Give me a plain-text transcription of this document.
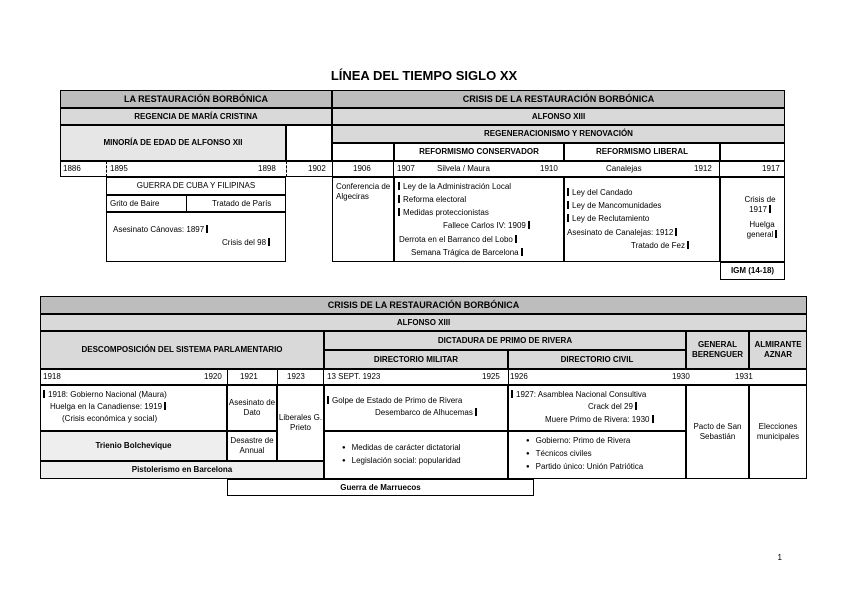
LÍNEA DEL TIEMPO SIGLO XX
LA RESTAURACIÓN BORBÓNICA	CRISIS DE LA RESTAURACIÓN BORBÓNICA
REGENCIA DE MARÍA CRISTINA	ALFONSO XIII
MINORÍA DE EDAD DE ALFONSO XII
REGENERACIONISMO Y RENOVACIÓN
REFORMISMO CONSERVADOR	REFORMISMO LIBERAL
1886	1895	1898	1902	1906	1907	Silvela / Maura	1910	Canalejas	1912	1917
GUERRA DE CUBA Y FILIPINAS
Grito de Baire	Tratado de París
Asesinato Cánovas: 1897
Crisis del 98
Conferencia de Algeciras
Ley de la Administración Local
Reforma electoral
Medidas proteccionistas
Fallece Carlos IV: 1909
Derrota en el Barranco del Lobo
Semana Trágica de Barcelona
Ley del Candado
Ley de Mancomunidades
Ley de Reclutamiento
Asesinato de Canalejas: 1912
Tratado de Fez
Crisis de 1917
Huelga general
IGM (14-18)
CRISIS DE LA RESTAURACIÓN BORBÓNICA
ALFONSO XIII
DESCOMPOSICIÓN DEL SISTEMA PARLAMENTARIO
DICTADURA DE PRIMO DE RIVERA	GENERAL BERENGUER
ALMIRANTE AZNAR
DIRECTORIO MILITAR	DIRECTORIO CIVIL
1918	1920 1921	1923	13 SEPT. 1923	1925 1926	1930	1931
1918: Gobierno Nacional (Maura)
Huelga en la Canadiense: 1919
(Crisis económica y social)
Asesinato de Dato
Liberales G. Prieto
Golpe de Estado de Primo de Rivera
Desembarco de Alhucemas
1927: Asamblea Nacional Consultiva
Crack del 29
Muere Primo de Rivera: 1930
Pacto de San Sebastián
Elecciones municipales
Trienio Bolchevique
Desastre de Annual
●	Medidas de carácter dictatorial
● Legislación social: popularidad
● Gobierno: Primo de Rivera
● Técnicos civiles
● Partido único: Unión Patriótica
Pistolerismo en Barcelona
Guerra de Marruecos
1
